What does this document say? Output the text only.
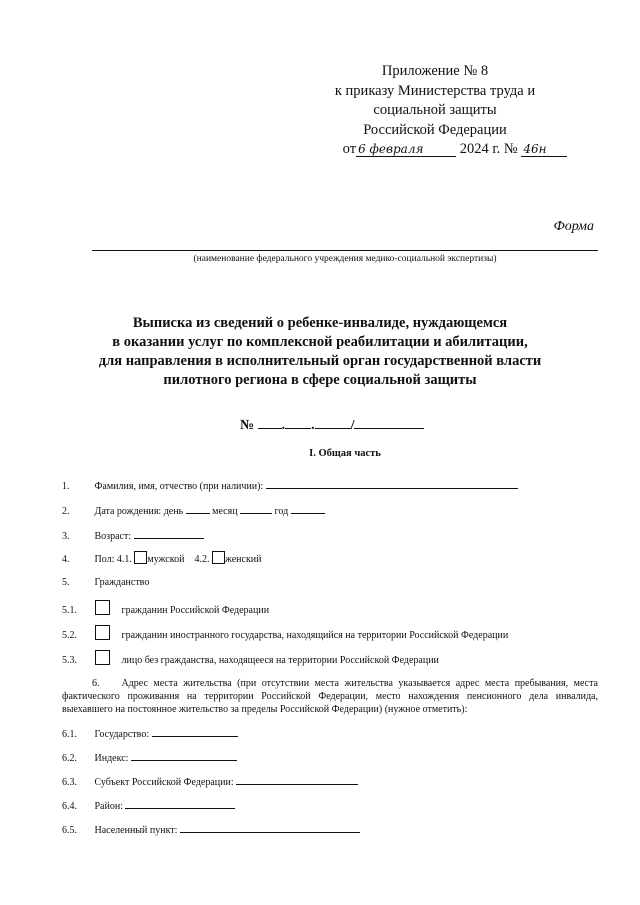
Приложение № 8
к приказу Министерства труда и
социальной защиты
Российской Федерации
от 6 февраля	2024 г. № 46н
Форма
(наименование федерального учреждения медико-социальной экспертизы)
Выписка из сведений о ребенке-инвалиде, нуждающемся
в оказании услуг по комплексной реабилитации и абилитации,
для направления в исполнительный орган государственной власти
пилотного региона в сфере социальной защиты
№ . .	/
I. Общая часть
1.	Фамилия, имя, отчество (при наличии):
2.	Дата рождения: день	месяц	год
3.	Возраст:
4.	Пол: 4.1. мужской 4.2. женский
5.	Гражданство
5.1.	гражданин Российской Федерации
5.2.	гражданин иностранного государства, находящийся на территории Российской Федерации
5.3.	лицо без гражданства, находящееся на территории Российской Федерации
6. Адрес места жительства (при отсутствии места жительства указывается адрес места пребывания, места фактического проживания на территории Российской Федерации, место нахождения пенсионного дела инвалида, выехавшего на постоянное жительство за пределы Российской Федерации) (нужное отметить):
6.1. Государство:
6.2. Индекс:
6.3. Субъект Российской Федерации:
6.4. Район:
6.5. Населенный пункт:
